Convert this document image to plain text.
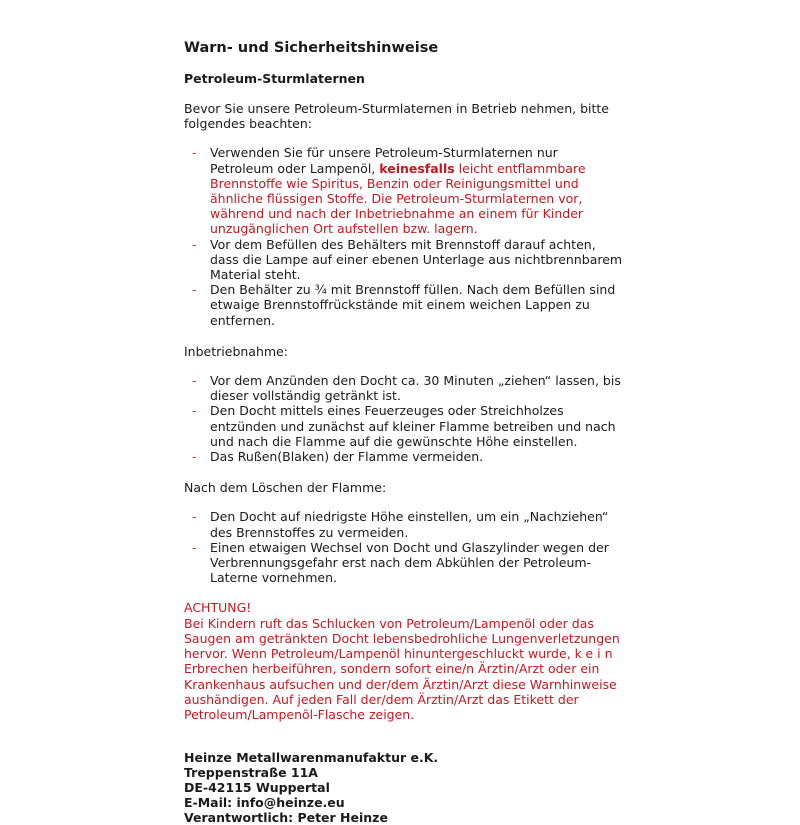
Warn- und Sicherheitshinweise
Petroleum-Sturmlaternen

Bevor Sie unsere Petroleum-Sturmlaternen in Betrieb nehmen, bitte folgendes beachten:

- Verwenden Sie für unsere Petroleum-Sturmlaternen nur Petroleum oder Lampenöl, keinesfalls leicht entflammbare Brennstoffe wie Spiritus, Benzin oder Reinigungsmittel und ähnliche flüssigen Stoffe. Die Petroleum-Sturmlaternen vor, während und nach der Inbetriebnahme an einem für Kinder unzugänglichen Ort aufstellen bzw. lagern.
- Vor dem Befüllen des Behälters mit Brennstoff darauf achten, dass die Lampe auf einer ebenen Unterlage aus nichtbrennbarem Material steht.
- Den Behälter zu ¾ mit Brennstoff füllen. Nach dem Befüllen sind etwaige Brennstoffrückstände mit einem weichen Lappen zu entfernen.

Inbetriebnahme:

- Vor dem Anzünden den Docht ca. 30 Minuten „ziehen“ lassen, bis dieser vollständig getränkt ist.
- Den Docht mittels eines Feuerzeuges oder Streichholzes entzünden und zunächst auf kleiner Flamme betreiben und nach und nach die Flamme auf die gewünschte Höhe einstellen.
- Das Rußen(Blaken) der Flamme vermeiden.

Nach dem Löschen der Flamme:

- Den Docht auf niedrigste Höhe einstellen, um ein „Nachziehen“ des Brennstoffes zu vermeiden.
- Einen etwaigen Wechsel von Docht und Glaszylinder wegen der Verbrennungsgefahr erst nach dem Abkühlen der Petroleum-Laterne vornehmen.

ACHTUNG!
Bei Kindern ruft das Schlucken von Petroleum/Lampenöl oder das Saugen am getränkten Docht lebensbedrohliche Lungenverletzungen hervor. Wenn Petroleum/Lampenöl hinuntergeschluckt wurde, kein Erbrechen herbeiführen, sondern sofort eine/n Ärztin/Arzt oder ein Krankenhaus aufsuchen und der/dem Ärztin/Arzt diese Warnhinweise aushändigen. Auf jeden Fall der/dem Ärztin/Arzt das Etikett der Petroleum/Lampenöl-Flasche zeigen.

Heinze Metallwarenmanufaktur e.K.
Treppenstraße 11A
DE-42115 Wuppertal
E-Mail: info@heinze.eu
Verantwortlich: Peter Heinze
